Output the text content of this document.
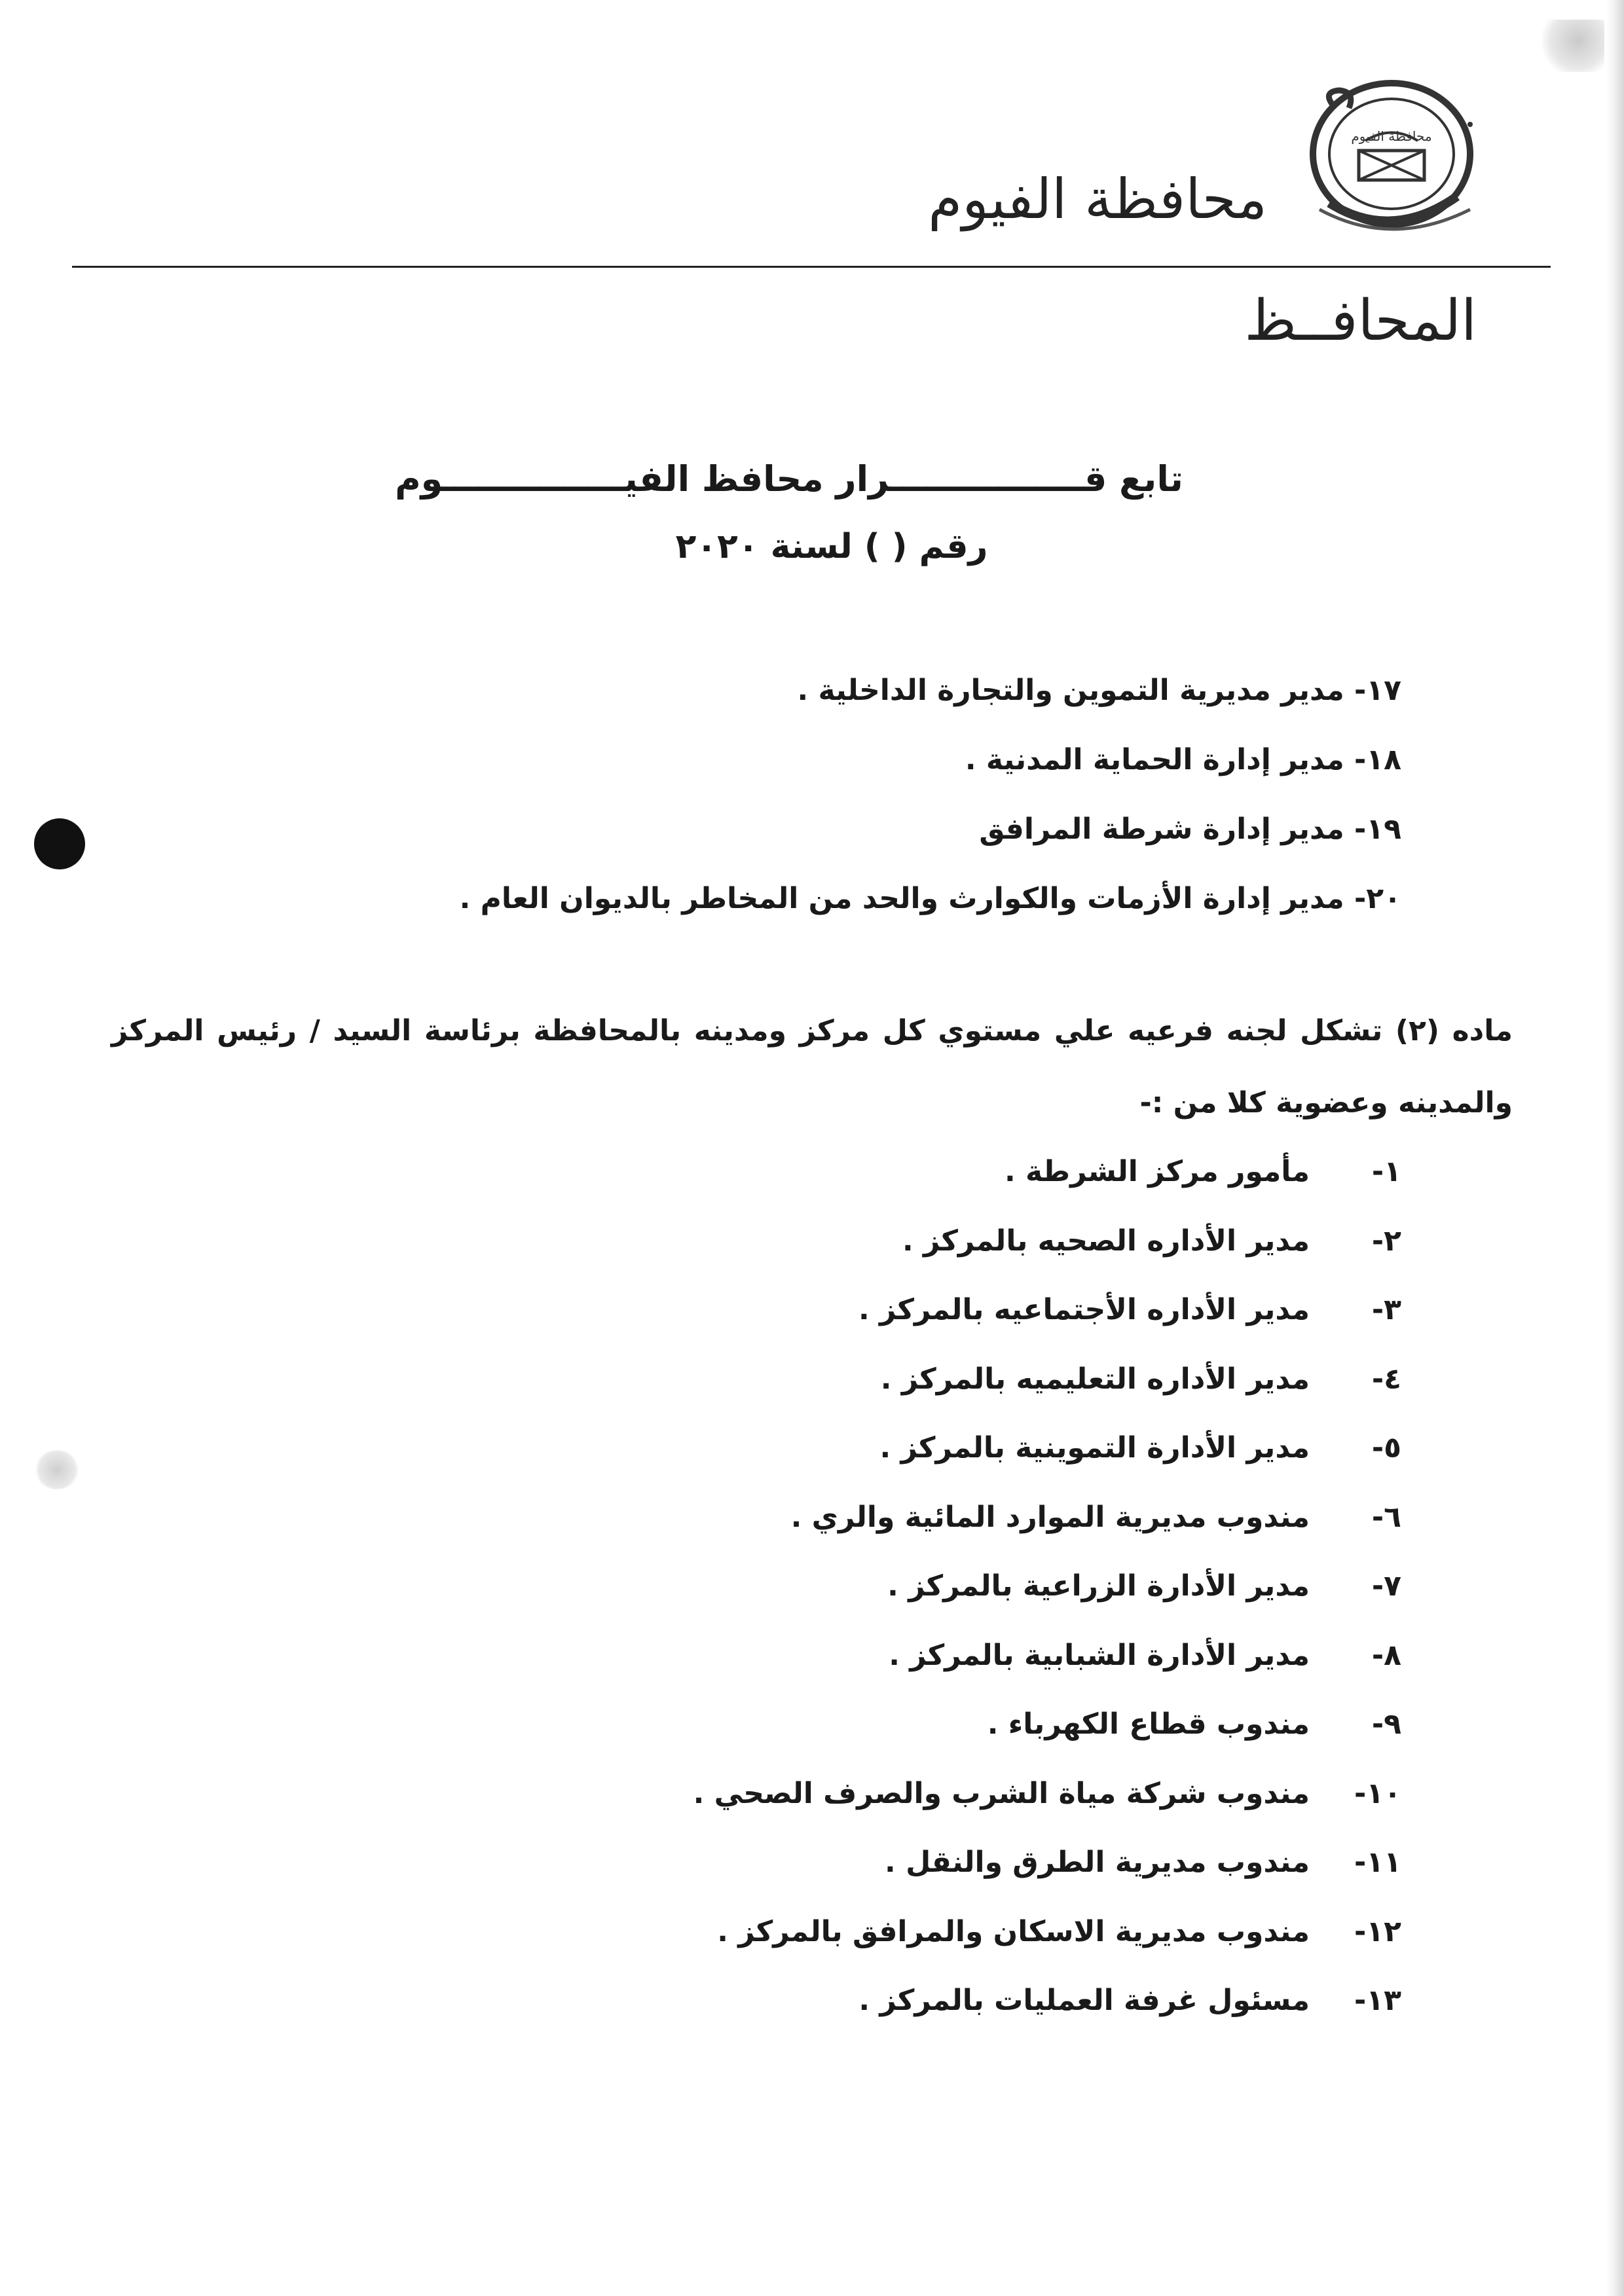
محافظة الفيوم
محافظة الفيوم
المحافــظ
تابع قــــــــــــــــرار محافظ الفيـــــــــــــــوم
رقم ( ) لسنة ٢٠٢٠
١٧- مدير مديرية التموين والتجارة الداخلية .
١٨- مدير إدارة الحماية المدنية .
١٩- مدير إدارة شرطة المرافق
٢٠- مدير إدارة الأزمات والكوارث والحد من المخاطر بالديوان العام .
ماده (٢) تشكل لجنه فرعيه علي مستوي كل مركز ومدينه بالمحافظة برئاسة السيد / رئيس المركز والمدينه وعضوية كلا من :-
١-
مأمور مركز الشرطة .
٢-
مدير الأداره الصحيه بالمركز .
٣-
مدير الأداره الأجتماعيه بالمركز .
٤-
مدير الأداره التعليميه بالمركز .
٥-
مدير الأدارة التموينية بالمركز .
٦-
مندوب مديرية الموارد المائية والري .
٧-
مدير الأدارة الزراعية بالمركز .
٨-
مدير الأدارة الشبابية بالمركز .
٩-
مندوب قطاع الكهرباء .
١٠-
مندوب شركة مياة الشرب والصرف الصحي .
١١-
مندوب مديرية الطرق والنقل .
١٢-
مندوب مديرية الاسكان والمرافق بالمركز .
١٣-
مسئول غرفة العمليات بالمركز .
